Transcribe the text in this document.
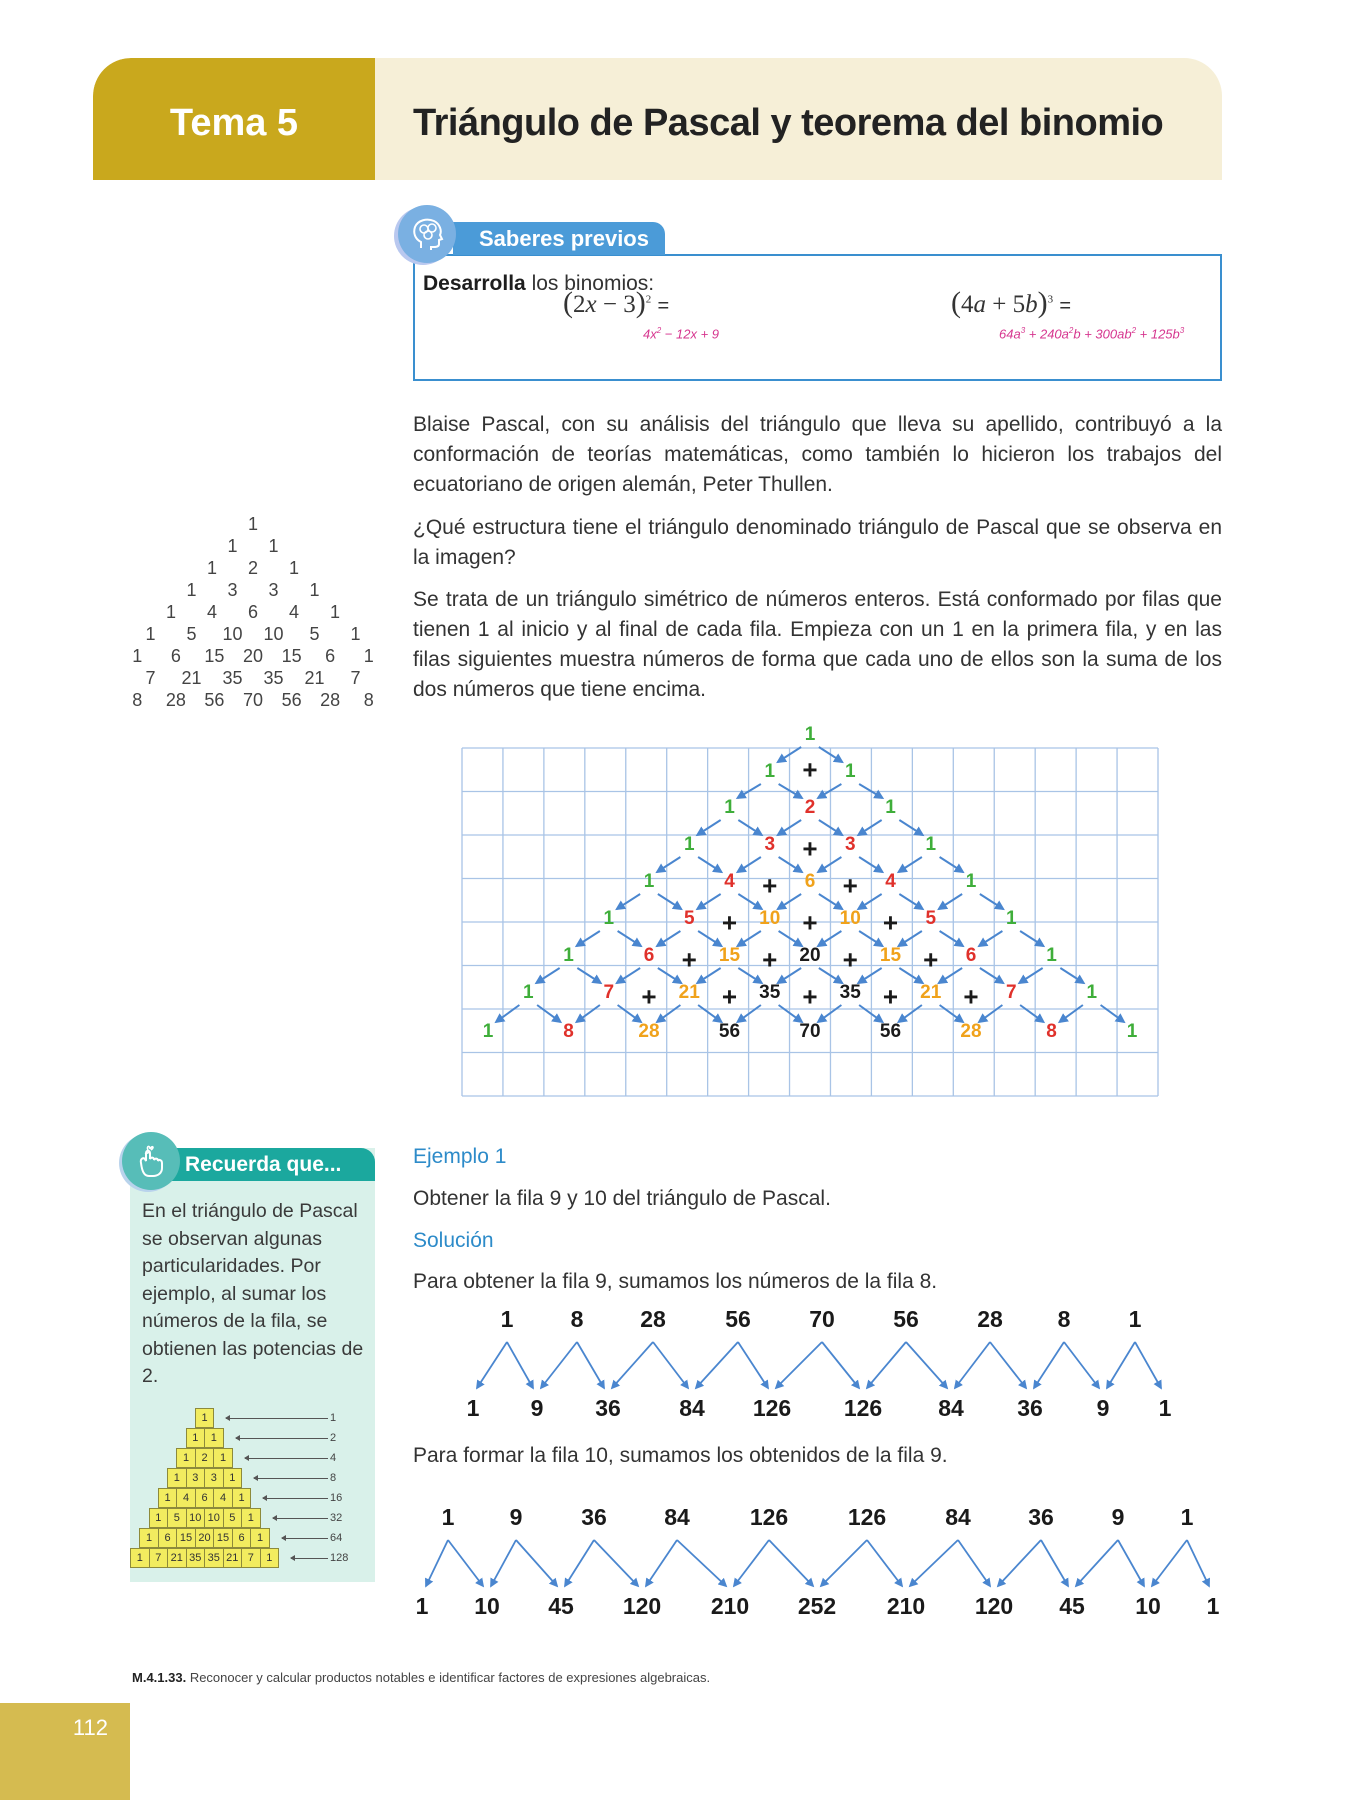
Tema 5	Triángulo de Pascal y teorema del binomio
Desarrolla los binomios:
$(2x - 3)^2$ =
$4x^2 - 12x + 9$
$(4a + 5b)^3$ =
$64a^3 + 240a^2b + 300ab^2 + 125b^3$
Saberes previos

Blaise Pascal, con su análisis del triángulo que lleva su apellido, contribuyó a la conformación de teorías matemáticas, como también lo hicieron los trabajos del ecuatoriano de origen alemán, Peter Thullen.

¿Qué estructura tiene el triángulo denominado triángulo de Pascal que se observa en la imagen?

Se trata de un triángulo simétrico de números enteros. Está conformado por filas que tienen 1 al inicio y al final de cada fila. Empieza con un 1 en la primera fila, y en las filas siguientes muestra números de forma que cada uno de ellos son la suma de los dos números que tiene encima.

1
1	1
1	2	1
1	3	3	1
1	4	6	4	1
1	5	10	10	5	1
1	6	15	20	15	6	1
7	21	35	35	21	7
8	28	56	70	56	28	8
1
1 + 1
1	2	1
1	3 + 3	1
1	4 + 6 + 4	1
1	5 + 10 + 10 + 5	1
1	6 + 15 + 20 + 15 + 6	1
1	7 + 21 + 35 + 35 + 21 + 7	1
1	8	28	56	70	56	28	8	1
Recuerda que...
En el triángulo de Pascal se observan algunas particularidades. Por ejemplo, al sumar los números de la fila, se obtienen las potencias de 2.
1	1
1	1	2
1	2	1	4
1	3	3	1	8
1	4	6	4	1	16
1	5 10 10 5	1	32
1	6 15 20 15 6	1	64
1	7 21 35 35 21 7	1	128
Ejemplo 1
Obtener la fila 9 y 10 del triángulo de Pascal.
Solución
Para obtener la fila 9, sumamos los números de la fila 8.
1 8 28	56	70	56	28 8	1
1 9 36	84 126 126 84 36 9 1
Para formar la fila 10, sumamos los obtenidos de la fila 9.
1 9	36 84	126	126	84 36	9 1
1 10 45 120 210 252 210 120 45 10 1
M.4.1.33. Reconocer y calcular productos notables e identificar factores de expresiones algebraicas.
112
